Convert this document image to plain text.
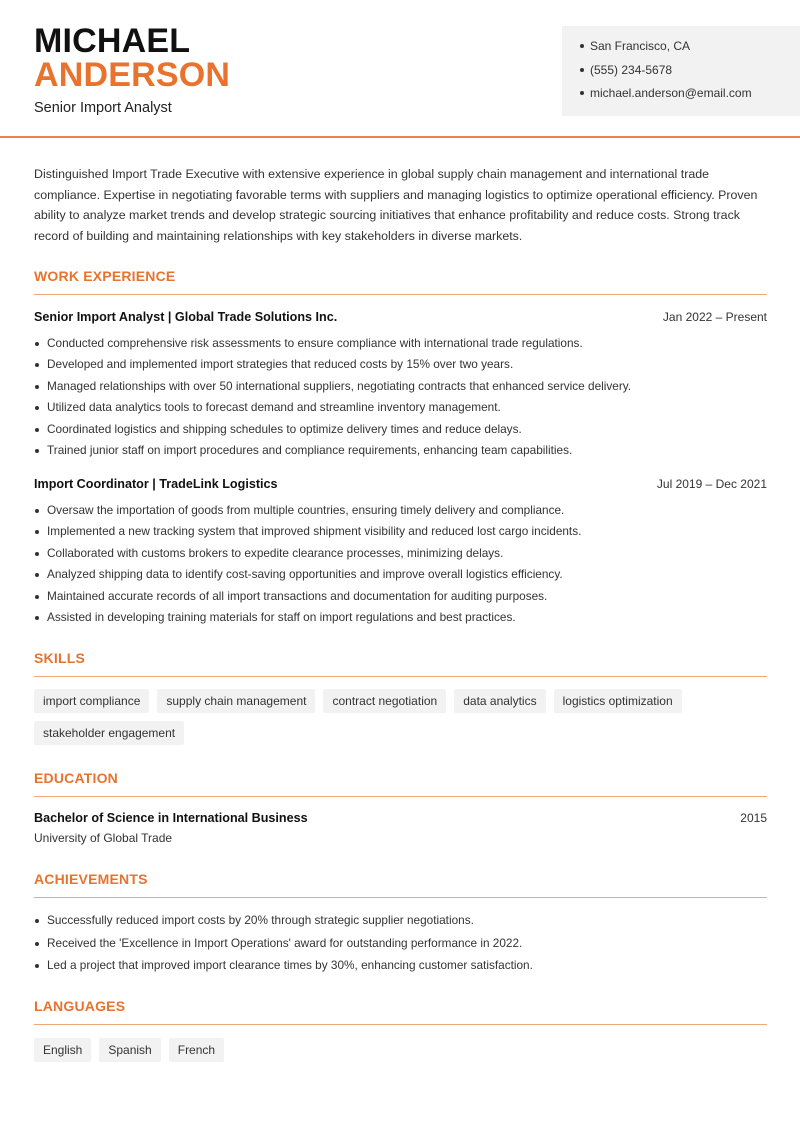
MICHAEL
ANDERSON
Senior Import Analyst
San Francisco, CA
(555) 234-5678
michael.anderson@email.com

Distinguished Import Trade Executive with extensive experience in global supply chain management and international trade compliance. Expertise in negotiating favorable terms with suppliers and managing logistics to optimize operational efficiency. Proven ability to analyze market trends and develop strategic sourcing initiatives that enhance profitability and reduce costs. Strong track record of building and maintaining relationships with key stakeholders in diverse markets.

WORK EXPERIENCE
Senior Import Analyst | Global Trade Solutions Inc.	Jan 2022 – Present
Conducted comprehensive risk assessments to ensure compliance with international trade regulations.
Developed and implemented import strategies that reduced costs by 15% over two years.
Managed relationships with over 50 international suppliers, negotiating contracts that enhanced service delivery.
Utilized data analytics tools to forecast demand and streamline inventory management.
Coordinated logistics and shipping schedules to optimize delivery times and reduce delays.
Trained junior staff on import procedures and compliance requirements, enhancing team capabilities.
Import Coordinator | TradeLink Logistics	Jul 2019 – Dec 2021
Oversaw the importation of goods from multiple countries, ensuring timely delivery and compliance.
Implemented a new tracking system that improved shipment visibility and reduced lost cargo incidents.
Collaborated with customs brokers to expedite clearance processes, minimizing delays.
Analyzed shipping data to identify cost-saving opportunities and improve overall logistics efficiency.
Maintained accurate records of all import transactions and documentation for auditing purposes.
Assisted in developing training materials for staff on import regulations and best practices.
SKILLS
import compliance	supply chain management	contract negotiation	data analytics	logistics optimization
stakeholder engagement
EDUCATION
Bachelor of Science in International Business	2015
University of Global Trade
ACHIEVEMENTS
Successfully reduced import costs by 20% through strategic supplier negotiations.
Received the 'Excellence in Import Operations' award for outstanding performance in 2022.
Led a project that improved import clearance times by 30%, enhancing customer satisfaction.
LANGUAGES
English	Spanish	French
